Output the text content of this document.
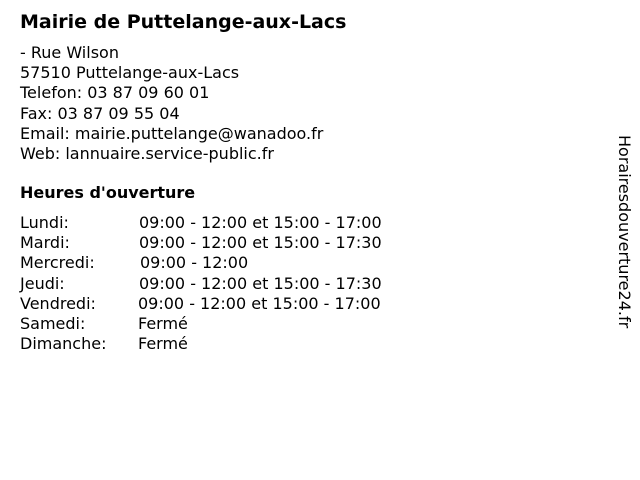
Mairie de Puttelange-aux-Lacs
- Rue Wilson
57510 Puttelange-aux-Lacs
Telefon: 03 87 09 60 01
Fax: 03 87 09 55 04
Email: mairie.puttelange@wanadoo.fr
Web: lannuaire.service-public.fr
Heures d'ouverture
Lundi:	09:00 - 12:00 et 15:00 - 17:00
Mardi:	09:00 - 12:00 et 15:00 - 17:30
Mercredi:	09:00 - 12:00
Jeudi:	09:00 - 12:00 et 15:00 - 17:30
Vendredi:	09:00 - 12:00 et 15:00 - 17:00
Samedi:	Fermé
Dimanche: Fermé
Horairesdouverture24.fr
